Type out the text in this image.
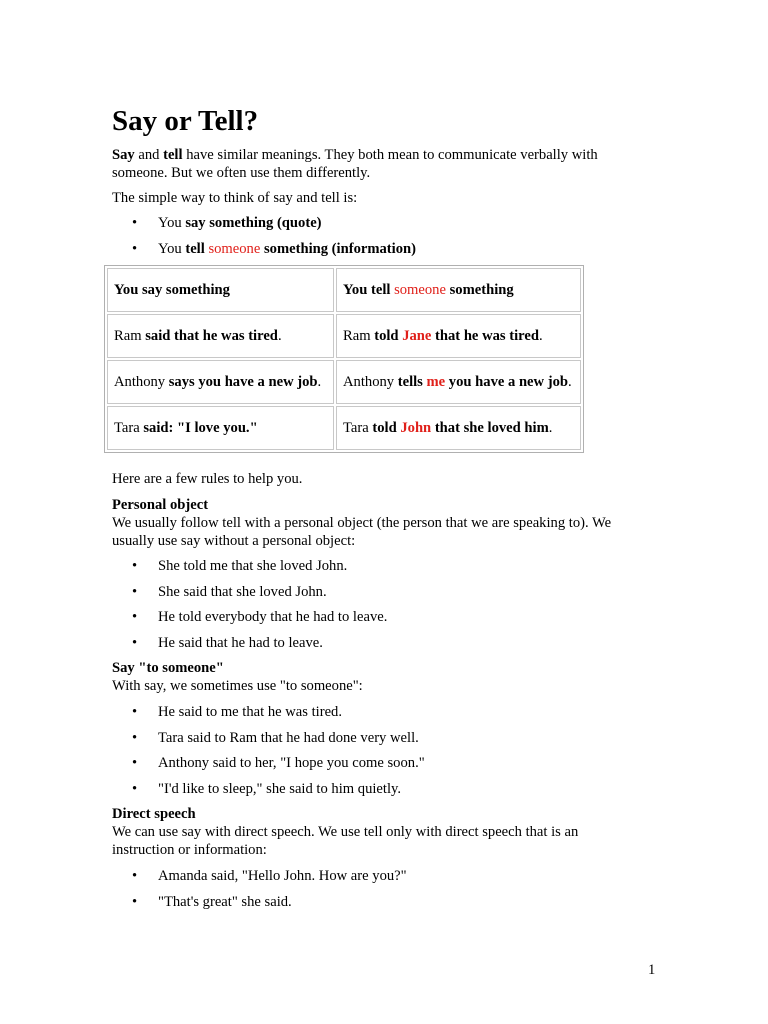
Say or Tell?

Say and tell have similar meanings. They both mean to communicate verbally with

someone. But we often use them differently.

The simple way to think of say and tell is:

• You say something (quote)
• You tell someone something (information)
You say something	You tell someone something
Ram said that he was tired.	Ram told Jane that he was tired.
Anthony says you have a new job.	Anthony tells me you have a new job.
Tara said: "I love you."	Tara told John that she loved him.

Here are a few rules to help you.

Personal object

We usually follow tell with a personal object (the person that we are speaking to). We

usually use say without a personal object:

• She told me that she loved John.
• She said that she loved John.
• He told everybody that he had to leave.
• He said that he had to leave.

Say "to someone"

With say, we sometimes use "to someone":

• He said to me that he was tired.
• Tara said to Ram that he had done very well.
• Anthony said to her, "I hope you come soon."
• "I'd like to sleep," she said to him quietly.

Direct speech

We can use say with direct speech. We use tell only with direct speech that is an

instruction or information:

• Amanda said, "Hello John. How are you?"
• "That's great" she said.
1
